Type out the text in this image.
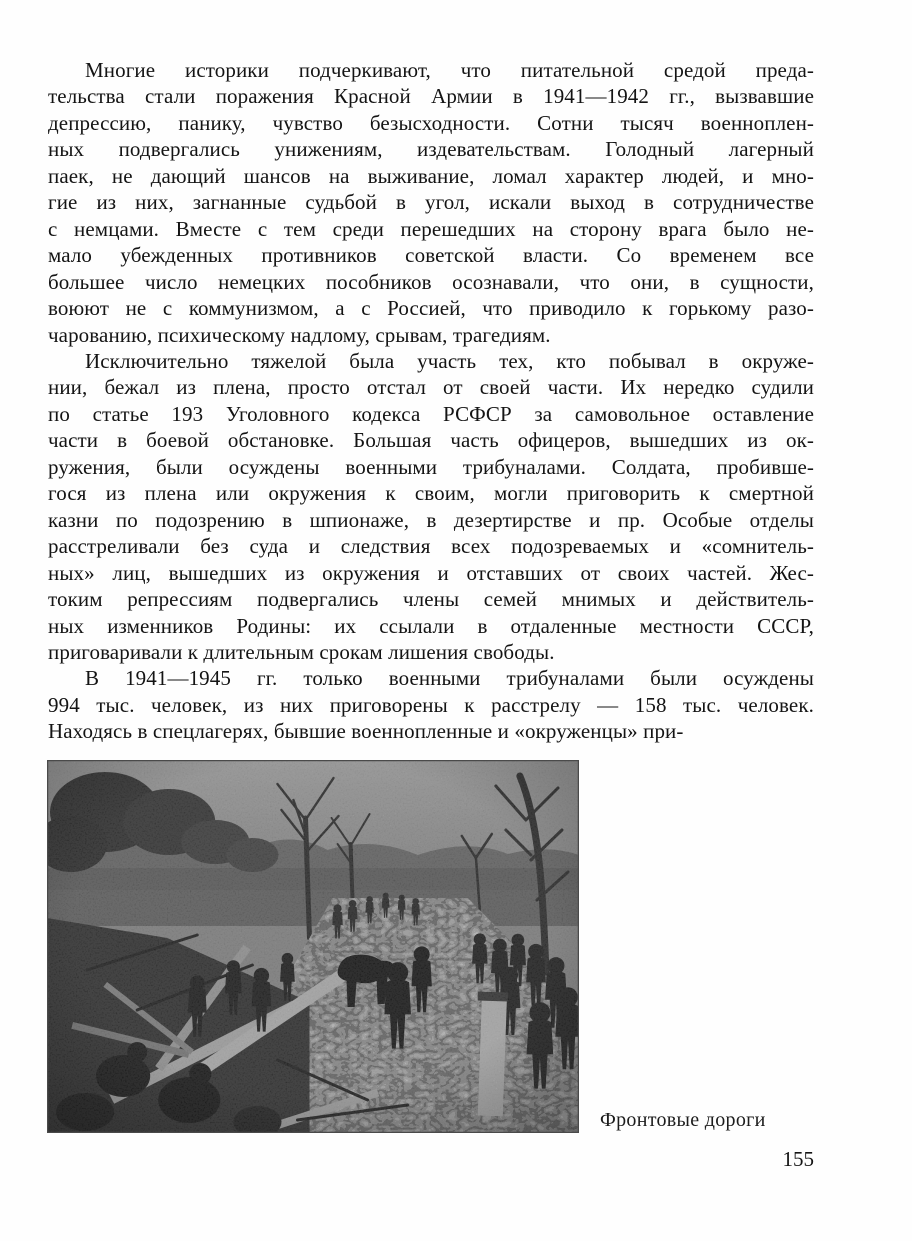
Многие историки подчеркивают, что питательной средой преда-
тельства стали поражения Красной Армии в 1941—1942 гг., вызвавшие
депрессию, панику, чувство безысходности. Сотни тысяч военноплен-
ных подвергались унижениям, издевательствам. Голодный лагерный
паек, не дающий шансов на выживание, ломал характер людей, и мно-
гие из них, загнанные судьбой в угол, искали выход в сотрудничестве
с немцами. Вместе с тем среди перешедших на сторону врага было не-
мало убежденных противников советской власти. Со временем все
большее число немецких пособников осознавали, что они, в сущности,
воюют не с коммунизмом, а с Россией, что приводило к горькому разо-
чарованию, психическому надлому, срывам, трагедиям.
Исключительно тяжелой была участь тех, кто побывал в окруже-
нии, бежал из плена, просто отстал от своей части. Их нередко судили
по статье 193 Уголовного кодекса РСФСР за самовольное оставление
части в боевой обстановке. Большая часть офицеров, вышедших из ок-
ружения, были осуждены военными трибуналами. Солдата, пробивше-
гося из плена или окружения к своим, могли приговорить к смертной
казни по подозрению в шпионаже, в дезертирстве и пр. Особые отделы
расстреливали без суда и следствия всех подозреваемых и «сомнитель-
ных» лиц, вышедших из окружения и отставших от своих частей. Жес-
токим репрессиям подвергались члены семей мнимых и действитель-
ных изменников Родины: их ссылали в отдаленные местности СССР,
приговаривали к длительным срокам лишения свободы.
В 1941—1945 гг. только военными трибуналами были осуждены
994 тыс. человек, из них приговорены к расстрелу — 158 тыс. человек.
Находясь в спецлагерях, бывшие военнопленные и «окруженцы» при-
Фронтовые дороги
155
